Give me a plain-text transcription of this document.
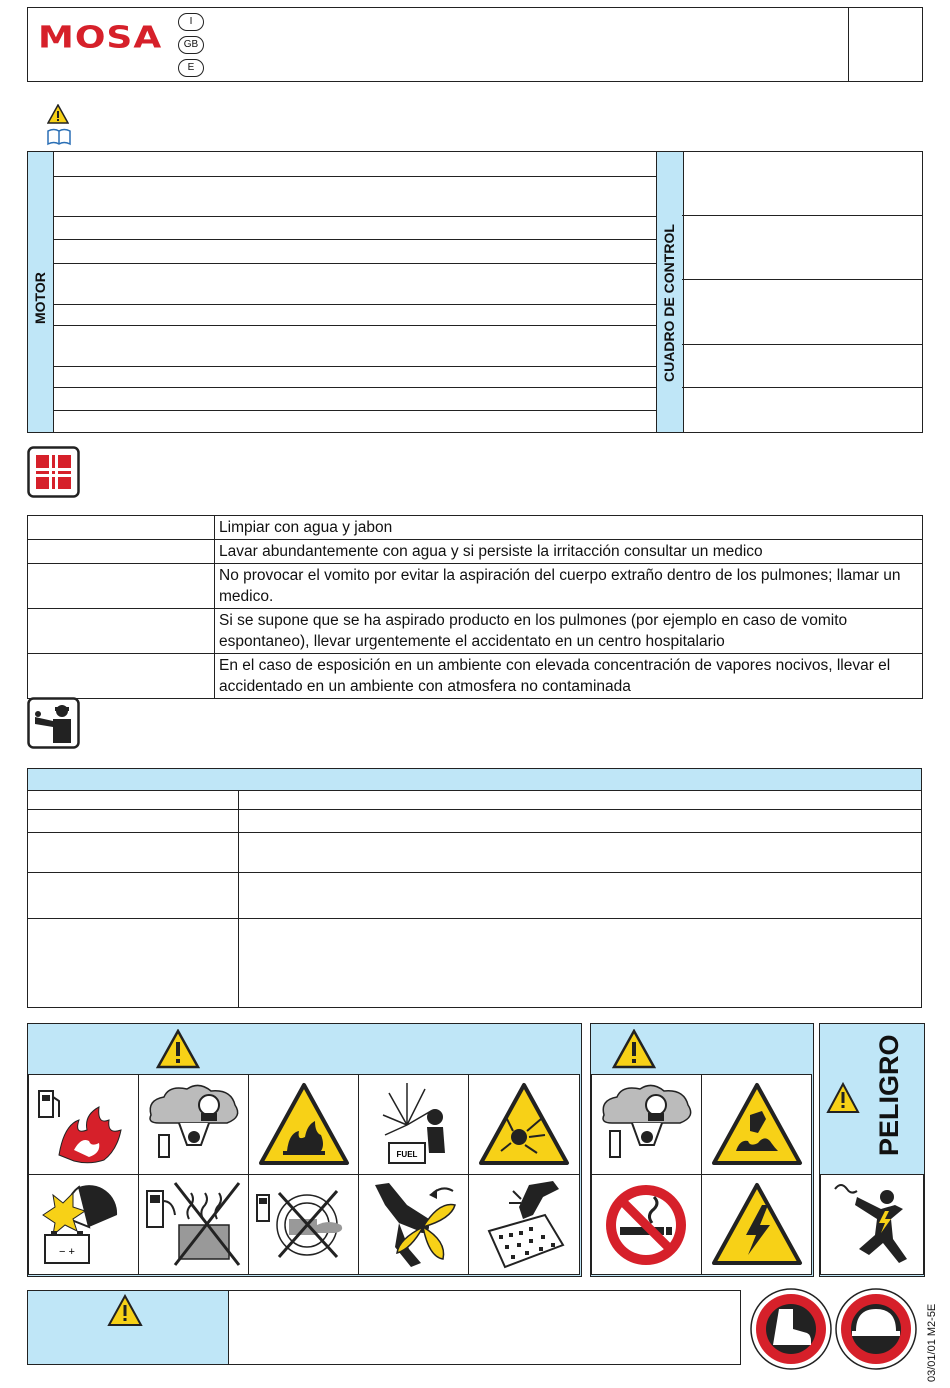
MOSA	I
GB
E
MOTOR	CUADRO DE CONTROL
	Limpiar con agua y jabon
	Lavar abundantemente con agua y si persiste la irritacción consultar un medico
	No provocar el vomito por evitar la aspiración del cuerpo extraño dentro de los pulmones; llamar un medico.
	Si se supone que se ha aspirado producto en los pulmones (por ejemplo en caso de vomito espontaneo), llevar urgentemente el accidentato en un centro hospitalario
	En el caso de esposición en un ambiente con elevada concentración de vapores nocivos, llevar el accidentado en un ambiente con atmosfera no contaminada
FUEL
− +
PELIGRO
03/01/01 M2-5E
